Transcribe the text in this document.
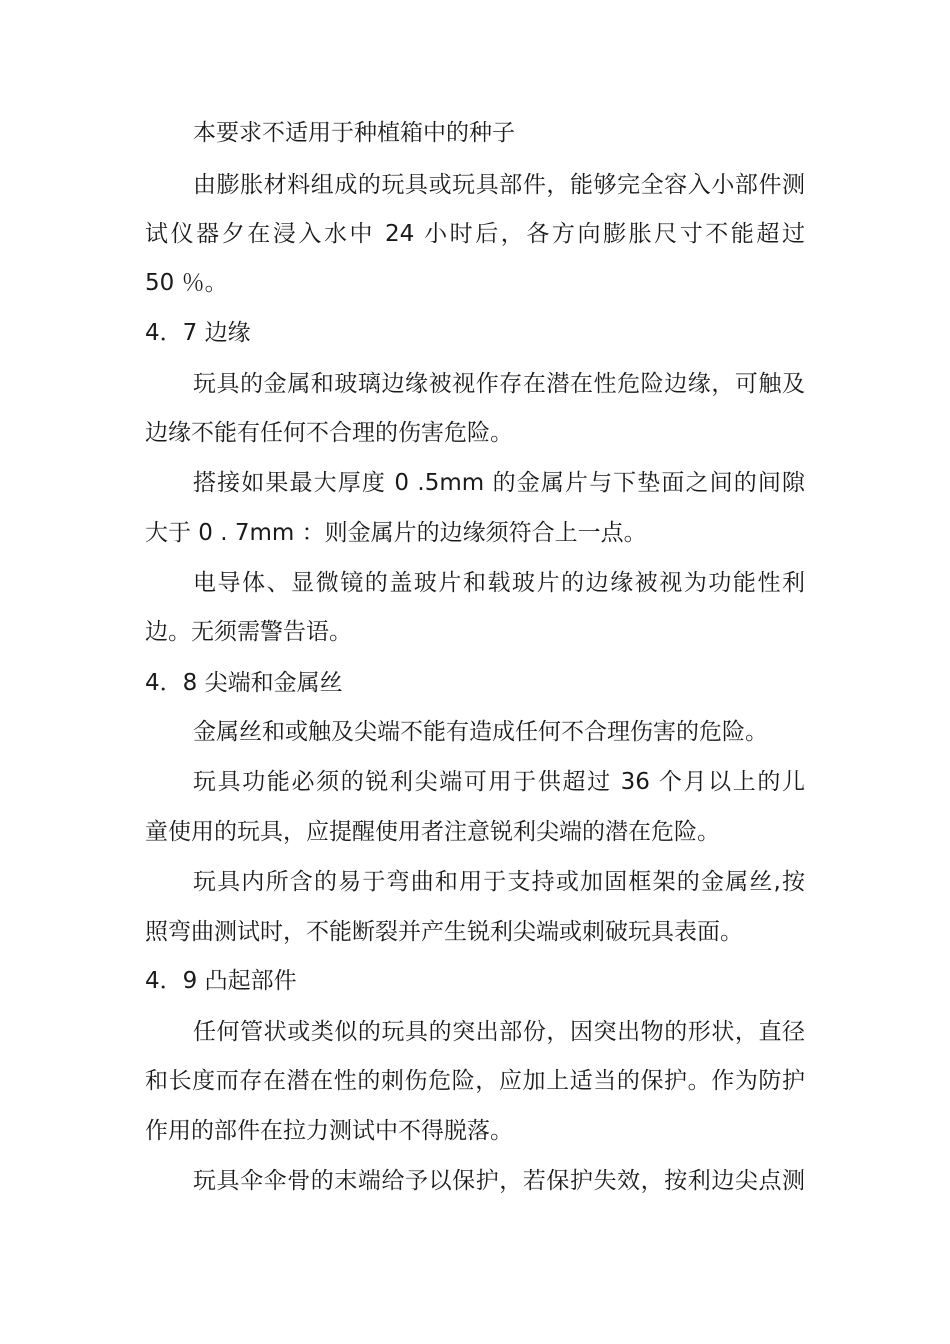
本要求不适用于种植箱中的种子
由膨胀材料组成的玩具或玩具部件，能够完全容入小部件测
试仪器夕在浸入水中 24 小时后，各方向膨胀尺寸不能超过
50 ％。
4．7 边缘
玩具的金属和玻璃边缘被视作存在潜在性危险边缘，可触及
边缘不能有任何不合理的伤害危险。
搭接如果最大厚度 0 .5mm 的金属片与下垫面之间的间隙
大于 0 . 7mm ：则金属片的边缘须符合上一点。
电导体、显微镜的盖玻片和载玻片的边缘被视为功能性利
边。无须需警告语。
4．8 尖端和金属丝
金属丝和或触及尖端不能有造成任何不合理伤害的危险。
玩具功能必须的锐利尖端可用于供超过 36 个月以上的儿
童使用的玩具，应提醒使用者注意锐利尖端的潜在危险。
玩具内所含的易于弯曲和用于支持或加固框架的金属丝,按
照弯曲测试时，不能断裂并产生锐利尖端或刺破玩具表面。
4．9 凸起部件
任何管状或类似的玩具的突出部份，因突出物的形状，直径
和长度而存在潜在性的刺伤危险，应加上适当的保护。作为防护
作用的部件在拉力测试中不得脱落。
玩具伞伞骨的末端给予以保护，若保护失效，按利边尖点测
